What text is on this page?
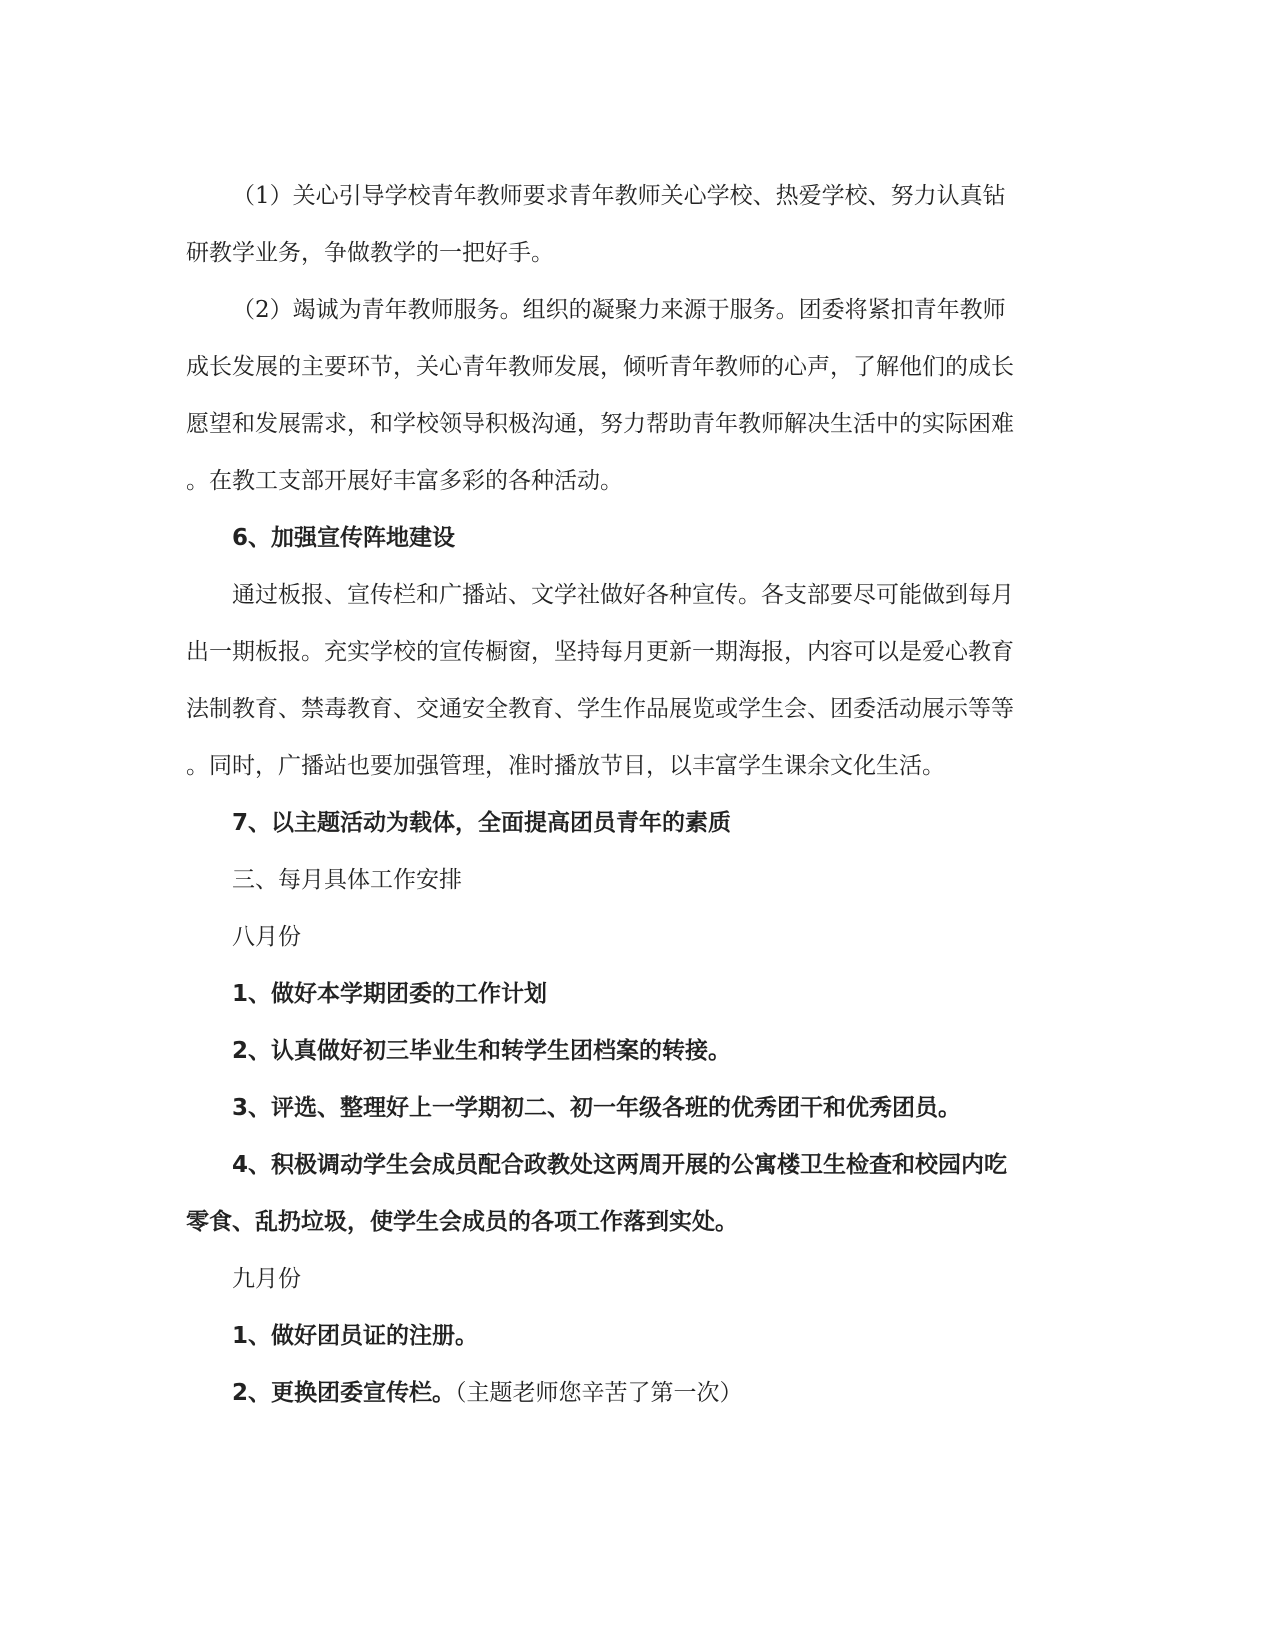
（1）关心引导学校青年教师要求青年教师关心学校、热爱学校、努力认真钻
研教学业务，争做教学的一把好手。
（2）竭诚为青年教师服务。组织的凝聚力来源于服务。团委将紧扣青年教师
成长发展的主要环节，关心青年教师发展，倾听青年教师的心声，了解他们的成长
愿望和发展需求，和学校领导积极沟通，努力帮助青年教师解决生活中的实际困难
。在教工支部开展好丰富多彩的各种活动。
6、加强宣传阵地建设
通过板报、宣传栏和广播站、文学社做好各种宣传。各支部要尽可能做到每月
出一期板报。充实学校的宣传橱窗，坚持每月更新一期海报，内容可以是爱心教育
法制教育、禁毒教育、交通安全教育、学生作品展览或学生会、团委活动展示等等
。同时，广播站也要加强管理，准时播放节目，以丰富学生课余文化生活。
7、以主题活动为载体，全面提高团员青年的素质
三、每月具体工作安排
八月份
1、做好本学期团委的工作计划
2、认真做好初三毕业生和转学生团档案的转接。
3、评选、整理好上一学期初二、初一年级各班的优秀团干和优秀团员。
4、积极调动学生会成员配合政教处这两周开展的公寓楼卫生检查和校园内吃
零食、乱扔垃圾，使学生会成员的各项工作落到实处。
九月份
1、做好团员证的注册。
2、更换团委宣传栏。（主题老师您辛苦了第一次）
